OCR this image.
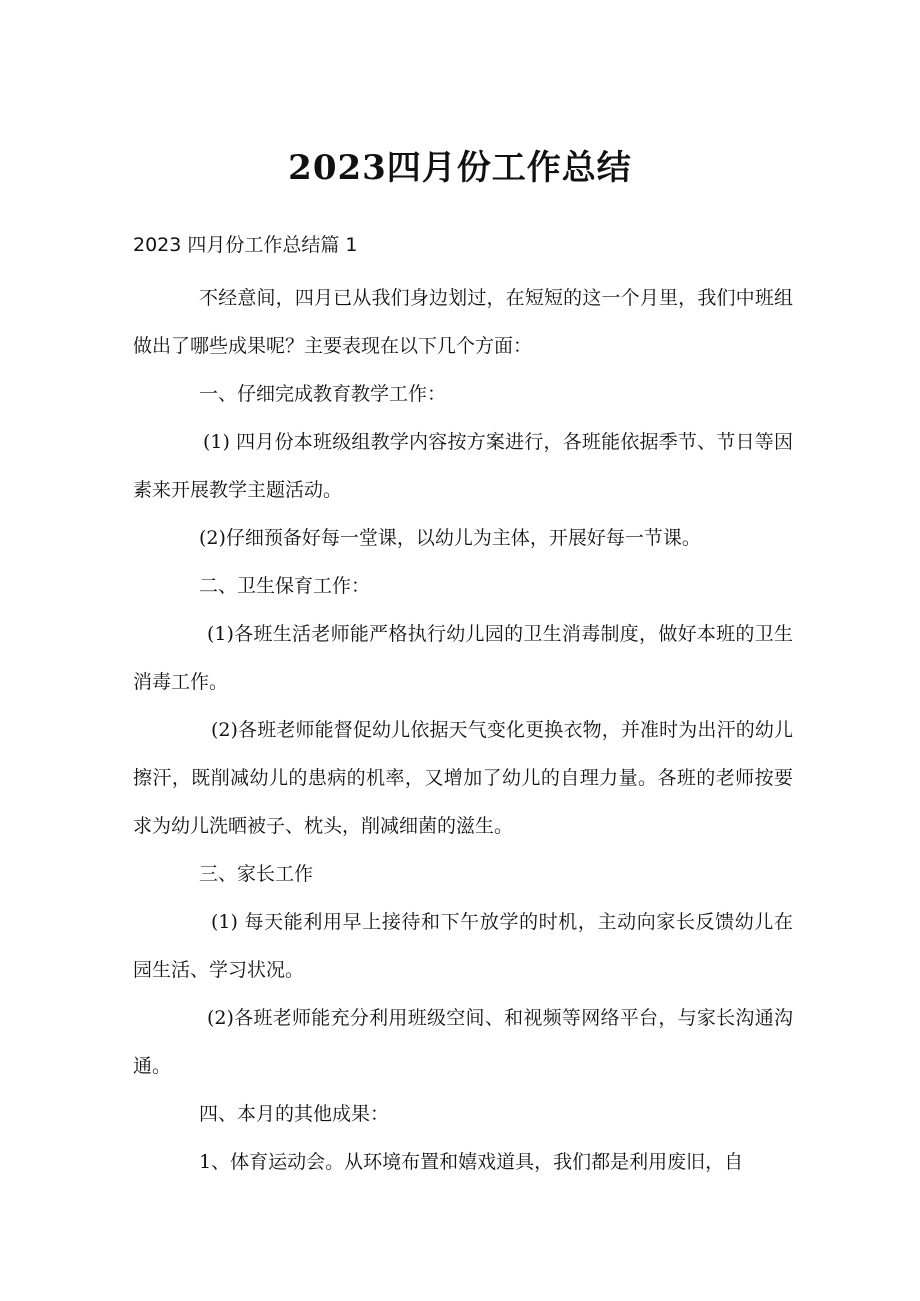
2023四月份工作总结

2023 四月份工作总结篇 1

不经意间，四月已从我们身边划过，在短短的这一个月里，我们中班组做出了哪些成果呢？主要表现在以下几个方面：

一、仔细完成教育教学工作：

(1) 四月份本班级组教学内容按方案进行，各班能依据季节、节日等因素来开展教学主题活动。

(2)仔细预备好每一堂课，以幼儿为主体，开展好每一节课。

二、卫生保育工作：

(1)各班生活老师能严格执行幼儿园的卫生消毒制度，做好本班的卫生消毒工作。

(2)各班老师能督促幼儿依据天气变化更换衣物，并准时为出汗的幼儿擦汗，既削减幼儿的患病的机率，又增加了幼儿的自理力量。各班的老师按要求为幼儿洗晒被子、枕头，削减细菌的滋生。

三、家长工作

(1) 每天能利用早上接待和下午放学的时机，主动向家长反馈幼儿在园生活、学习状况。

(2)各班老师能充分利用班级空间、和视频等网络平台，与家长沟通沟通。

四、本月的其他成果：

1、体育运动会。从环境布置和嬉戏道具，我们都是利用废旧，自
